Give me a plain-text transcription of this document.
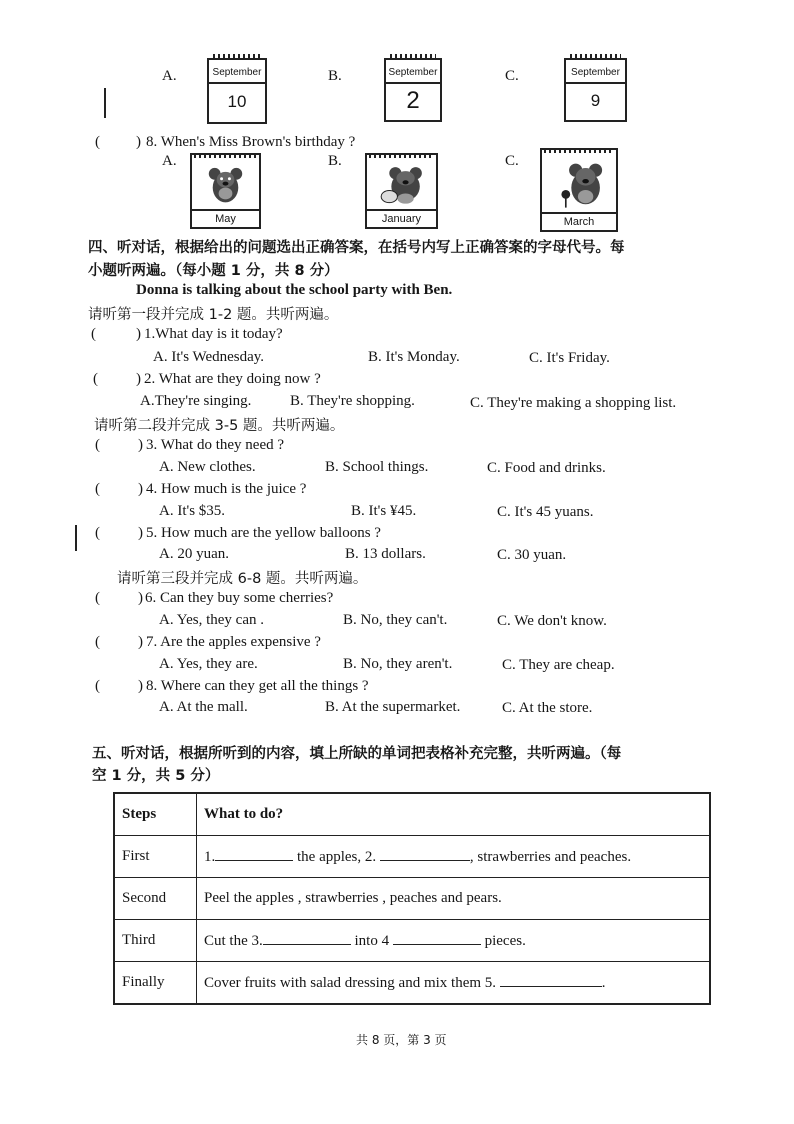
A.	September
10
B.	September
2
C.	September
9
( ) 8. When's Miss Brown's birthday ?
A.
May
B.
January
C.
March
四、听对话，根据给出的问题选出正确答案，在括号内写上正确答案的字母代号。每
小题听两遍。（每小题 1 分，共 8 分）
Donna is talking about the school party with Ben.
请听第一段并完成 1-2 题。共听两遍。
(	) 1.What day is it today?
A. It's Wednesday.	B. It's Monday.	C. It's Friday.
(	) 2. What are they doing now ?
A.They're singing.	B. They're shopping.	C. They're making a shopping list.
请听第二段并完成 3-5 题。共听两遍。
(	) 3. What do they need ?
A. New clothes.	B. School things.	C. Food and drinks.
(	) 4. How much is the juice ?
A. It's $35.	B. It's ¥45.	C. It's 45 yuans.
(	) 5. How much are the yellow balloons ?
A. 20 yuan.	B. 13 dollars.	C. 30 yuan.
请听第三段并完成 6-8 题。共听两遍。
(	) 6. Can they buy some cherries?
A. Yes, they can .	B. No, they can't.	C. We don't know.
(	) 7. Are the apples expensive ?
A. Yes, they are.	B. No, they aren't.	C. They are cheap.
(	) 8. Where can they get all the things ?
A. At the mall.	B. At the supermarket.	C. At the store.
五、听对话，根据所听到的内容，填上所缺的单词把表格补充完整，共听两遍。（每
空 1 分，共 5 分）
Steps	What to do?
First	1. the apples, 2. , strawberries and peaches.
Second	Peel the apples , strawberries , peaches and pears.
Third	Cut the 3. into 4 pieces.
Finally	Cover fruits with salad dressing and mix them 5. .
共 8 页，第 3 页
